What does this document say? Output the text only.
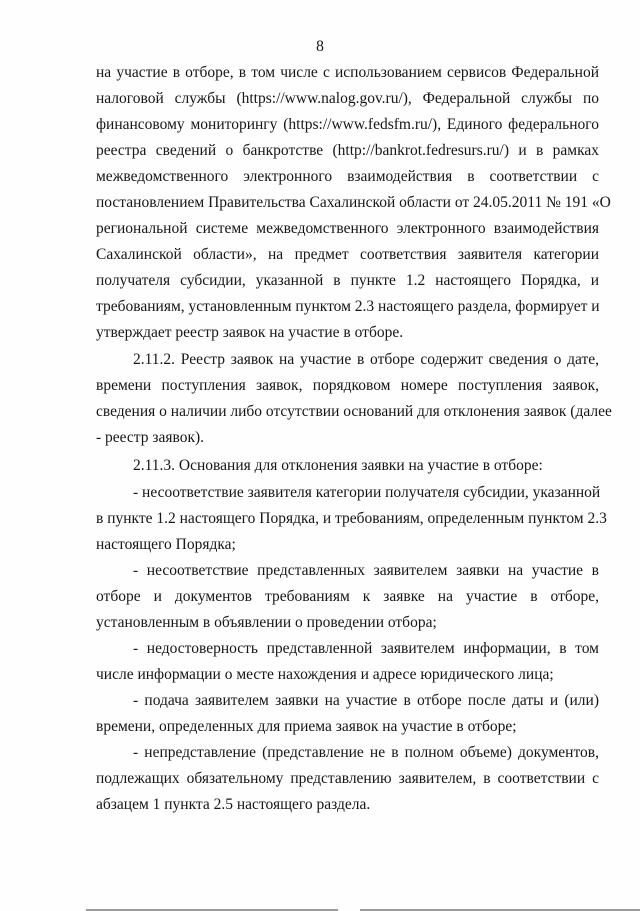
8
на участие в отборе, в том числе с использованием сервисов Федеральной
налоговой службы (https://www.nalog.gov.ru/), Федеральной службы по
финансовому мониторингу (https://www.fedsfm.ru/), Единого федерального
реестра сведений о банкротстве (http://bankrot.fedresurs.ru/) и в рамках
межведомственного электронного взаимодействия в соответствии с
постановлением Правительства Сахалинской области от 24.05.2011 № 191 «О
региональной системе межведомственного электронного взаимодействия
Сахалинской области», на предмет соответствия заявителя категории
получателя субсидии, указанной в пункте 1.2 настоящего Порядка, и
требованиям, установленным пунктом 2.3 настоящего раздела, формирует и
утверждает реестр заявок на участие в отборе.
2.11.2. Реестр заявок на участие в отборе содержит сведения о дате,
времени поступления заявок, порядковом номере поступления заявок,
сведения о наличии либо отсутствии оснований для отклонения заявок (далее
- реестр заявок).
2.11.3. Основания для отклонения заявки на участие в отборе:
- несоответствие заявителя категории получателя субсидии, указанной
в пункте 1.2 настоящего Порядка, и требованиям, определенным пунктом 2.3
настоящего Порядка;
- несоответствие представленных заявителем заявки на участие в
отборе и документов требованиям к заявке на участие в отборе,
установленным в объявлении о проведении отбора;
- недостоверность представленной заявителем информации, в том
числе информации о месте нахождения и адресе юридического лица;
- подача заявителем заявки на участие в отборе после даты и (или)
времени, определенных для приема заявок на участие в отборе;
- непредставление (представление не в полном объеме) документов,
подлежащих обязательному представлению заявителем, в соответствии с
абзацем 1 пункта 2.5 настоящего раздела.
